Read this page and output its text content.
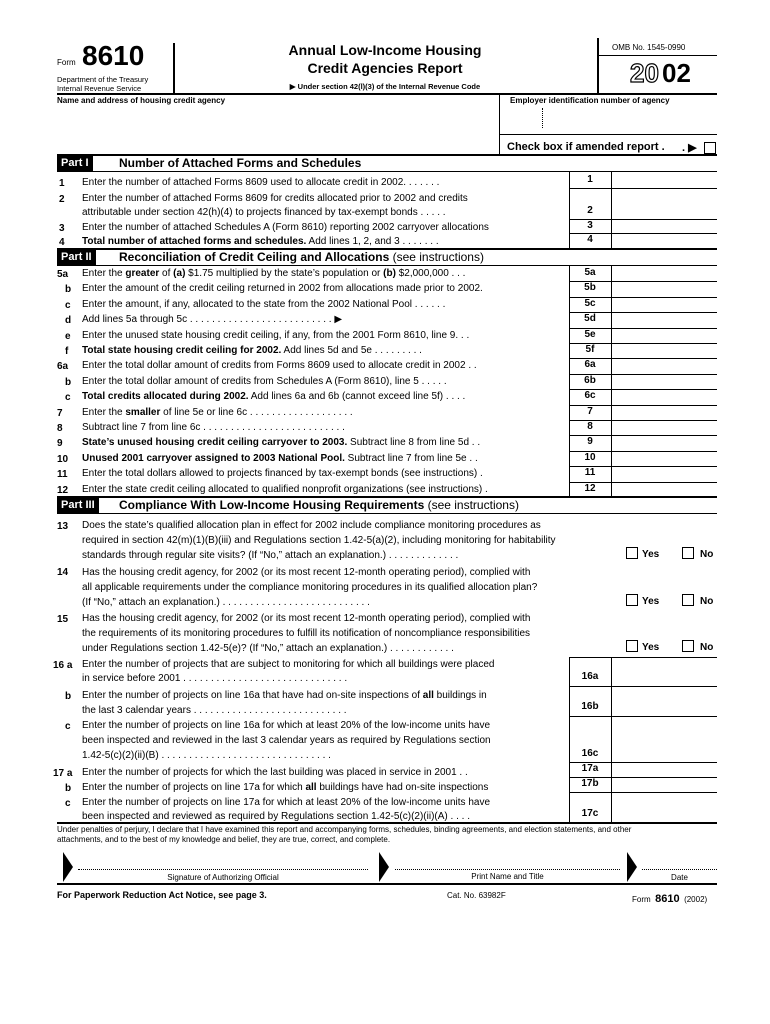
Form 8610
Department of the Treasury
Internal Revenue Service
Annual Low-Income Housing
Credit Agencies Report
▶ Under section 42(l)(3) of the Internal Revenue Code
OMB No. 1545-0990
20 02
Name and address of housing credit agency	Employer identification number of agency
Check box if amended report . . ▶
Part I	Number of Attached Forms and Schedules
1 Enter the number of attached Forms 8609 used to allocate credit in 2002. . . . . . .	1
2 Enter the number of attached Forms 8609 for credits allocated prior to 2002 and credits
attributable under section 42(h)(4) to projects financed by tax-exempt bonds . . . . .	2
3 Enter the number of attached Schedules A (Form 8610) reporting 2002 carryover allocations	3
4 Total number of attached forms and schedules. Add lines 1, 2, and 3 . . . . . . .	4
Part II	Reconciliation of Credit Ceiling and Allocations (see instructions)
5a Enter the greater of (a) $1.75 multiplied by the state’s population or (b) $2,000,000 . . .	5a
b Enter the amount of the credit ceiling returned in 2002 from allocations made prior to 2002.	5b
c Enter the amount, if any, allocated to the state from the 2002 National Pool . . . . . .	5c
d Add lines 5a through 5c . . . . . . . . . . . . . . . . . . . . . . . . . . ▶	5d
e Enter the unused state housing credit ceiling, if any, from the 2001 Form 8610, line 9. . .	5e
f Total state housing credit ceiling for 2002. Add lines 5d and 5e . . . . . . . . .	5f
6a Enter the total dollar amount of credits from Forms 8609 used to allocate credit in 2002 . .	6a
b Enter the total dollar amount of credits from Schedules A (Form 8610), line 5 . . . . .	6b
c Total credits allocated during 2002. Add lines 6a and 6b (cannot exceed line 5f) . . . .	6c
7 Enter the smaller of line 5e or line 6c . . . . . . . . . . . . . . . . . . .	7
8 Subtract line 7 from line 6c . . . . . . . . . . . . . . . . . . . . . . . . . .	8
9 State’s unused housing credit ceiling carryover to 2003. Subtract line 8 from line 5d . .	9
10 Unused 2001 carryover assigned to 2003 National Pool. Subtract line 7 from line 5e . .	10
11 Enter the total dollars allowed to projects financed by tax-exempt bonds (see instructions) .	11
12 Enter the state credit ceiling allocated to qualified nonprofit organizations (see instructions) .	12
Part III	Compliance With Low-Income Housing Requirements (see instructions)
13 Does the state’s qualified allocation plan in effect for 2002 include compliance monitoring procedures as
required in section 42(m)(1)(B)(iii) and Regulations section 1.42-5(a)(2), including monitoring for habitability
standards through regular site visits? (If “No,” attach an explanation.) . . . . . . . . . . . . .	Yes	No
14 Has the housing credit agency, for 2002 (or its most recent 12-month operating period), complied with
all applicable requirements under the compliance monitoring procedures in its qualified allocation plan?
(If “No,” attach an explanation.) . . . . . . . . . . . . . . . . . . . . . . . . . . .	Yes	No
15 Has the housing credit agency, for 2002 (or its most recent 12-month operating period), complied with
the requirements of its monitoring procedures to fulfill its notification of noncompliance responsibilities
under Regulations section 1.42-5(e)? (If “No,” attach an explanation.) . . . . . . . . . . . .	Yes	No
16 a Enter the number of projects that are subject to monitoring for which all buildings were placed
in service before 2001 . . . . . . . . . . . . . . . . . . . . . . . . . . . . . .	16a
b Enter the number of projects on line 16a that have had on-site inspections of all buildings in
the last 3 calendar years . . . . . . . . . . . . . . . . . . . . . . . . . . . .	16b
c Enter the number of projects on line 16a for which at least 20% of the low-income units have
been inspected and reviewed in the last 3 calendar years as required by Regulations section
1.42-5(c)(2)(ii)(B) . . . . . . . . . . . . . . . . . . . . . . . . . . . . . . .	16c
17 a Enter the number of projects for which the last building was placed in service in 2001 . .	17a
b Enter the number of projects on line 17a for which all buildings have had on-site inspections	17b
c Enter the number of projects on line 17a for which at least 20% of the low-income units have
been inspected and reviewed as required by Regulations section 1.42-5(c)(2)(ii)(A) . . . .	17c
Under penalties of perjury, I declare that I have examined this report and accompanying forms, schedules, binding agreements, and election statements, and other
attachments, and to the best of my knowledge and belief, they are true, correct, and complete.
Signature of Authorizing Official	Print Name and Title	Date
For Paperwork Reduction Act Notice, see page 3.	Cat. No. 63982F	Form 8610 (2002)
